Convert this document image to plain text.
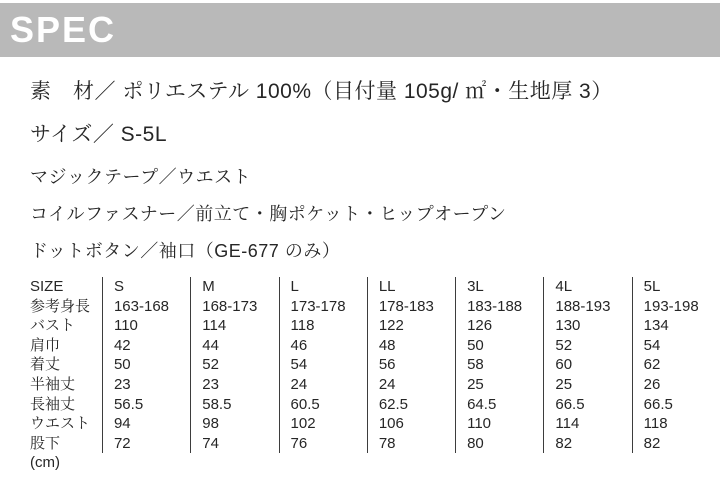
SPEC
素　材／ ポリエステル 100%（目付量 105g/ ㎡・生地厚 3）
サイズ／ S-5L
マジックテープ／ウエスト
コイルファスナー／前立て・胸ポケット・ヒップオープン
ドットボタン／袖口（GE-677 のみ）
SIZE	S	M	L	LL	3L	4L	5L
参考身長	163-168	168-173	173-178	178-183	183-188	188-193	193-198
バスト	110	114	118	122	126	130	134
肩巾	42	44	46	48	50	52	54
着丈	50	52	54	56	58	60	62
半袖丈	23	23	24	24	25	25	26
長袖丈	56.5	58.5	60.5	62.5	64.5	66.5	66.5
ウエスト	94	98	102	106	110	114	118
股下	72	74	76	78	80	82	82
(cm)							
